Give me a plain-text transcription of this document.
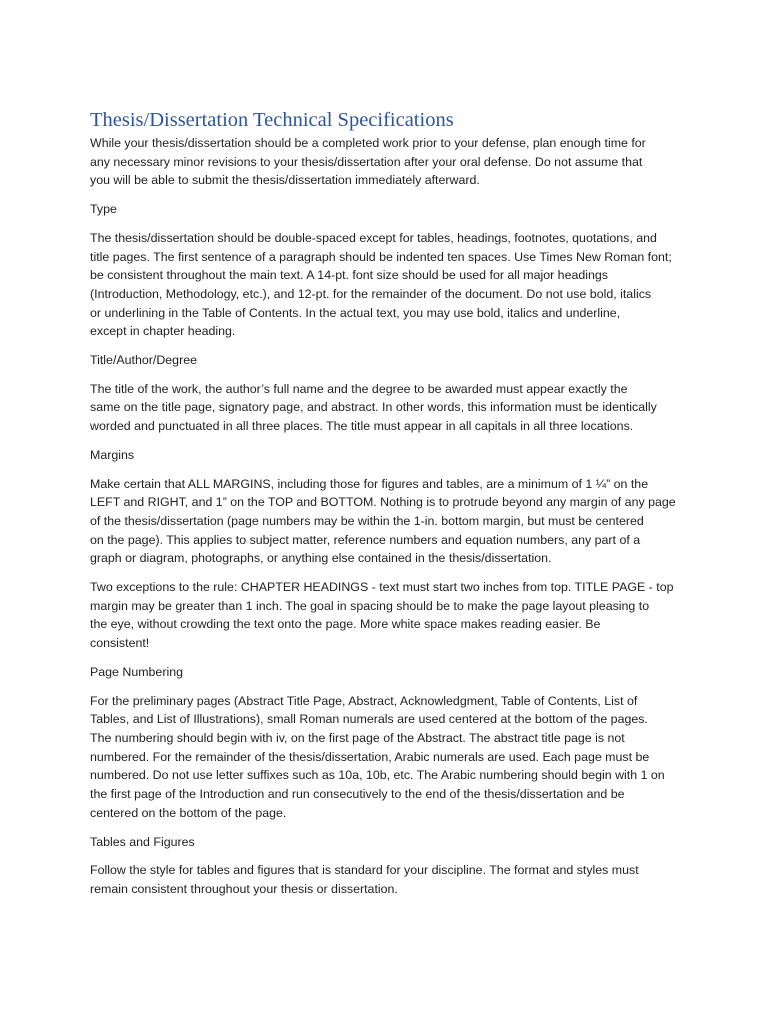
Thesis/Dissertation Technical Specifications
While your thesis/dissertation should be a completed work prior to your defense, plan enough time for
any necessary minor revisions to your thesis/dissertation after your oral defense. Do not assume that
you will be able to submit the thesis/dissertation immediately afterward.
Type
The thesis/dissertation should be double-spaced except for tables, headings, footnotes, quotations, and
title pages. The first sentence of a paragraph should be indented ten spaces. Use Times New Roman font;
be consistent throughout the main text. A 14-pt. font size should be used for all major headings
(Introduction, Methodology, etc.), and 12-pt. for the remainder of the document. Do not use bold, italics
or underlining in the Table of Contents. In the actual text, you may use bold, italics and underline,
except in chapter heading.
Title/Author/Degree
The title of the work, the author’s full name and the degree to be awarded must appear exactly the
same on the title page, signatory page, and abstract. In other words, this information must be identically
worded and punctuated in all three places. The title must appear in all capitals in all three locations.
Margins
Make certain that ALL MARGINS, including those for figures and tables, are a minimum of 1 ¼” on the
LEFT and RIGHT, and 1” on the TOP and BOTTOM. Nothing is to protrude beyond any margin of any page
of the thesis/dissertation (page numbers may be within the 1-in. bottom margin, but must be centered
on the page). This applies to subject matter, reference numbers and equation numbers, any part of a
graph or diagram, photographs, or anything else contained in the thesis/dissertation.
Two exceptions to the rule: CHAPTER HEADINGS - text must start two inches from top. TITLE PAGE - top
margin may be greater than 1 inch. The goal in spacing should be to make the page layout pleasing to
the eye, without crowding the text onto the page. More white space makes reading easier. Be
consistent!
Page Numbering
For the preliminary pages (Abstract Title Page, Abstract, Acknowledgment, Table of Contents, List of
Tables, and List of Illustrations), small Roman numerals are used centered at the bottom of the pages.
The numbering should begin with iv, on the first page of the Abstract. The abstract title page is not
numbered. For the remainder of the thesis/dissertation, Arabic numerals are used. Each page must be
numbered. Do not use letter suffixes such as 10a, 10b, etc. The Arabic numbering should begin with 1 on
the first page of the Introduction and run consecutively to the end of the thesis/dissertation and be
centered on the bottom of the page.
Tables and Figures
Follow the style for tables and figures that is standard for your discipline. The format and styles must
remain consistent throughout your thesis or dissertation.
